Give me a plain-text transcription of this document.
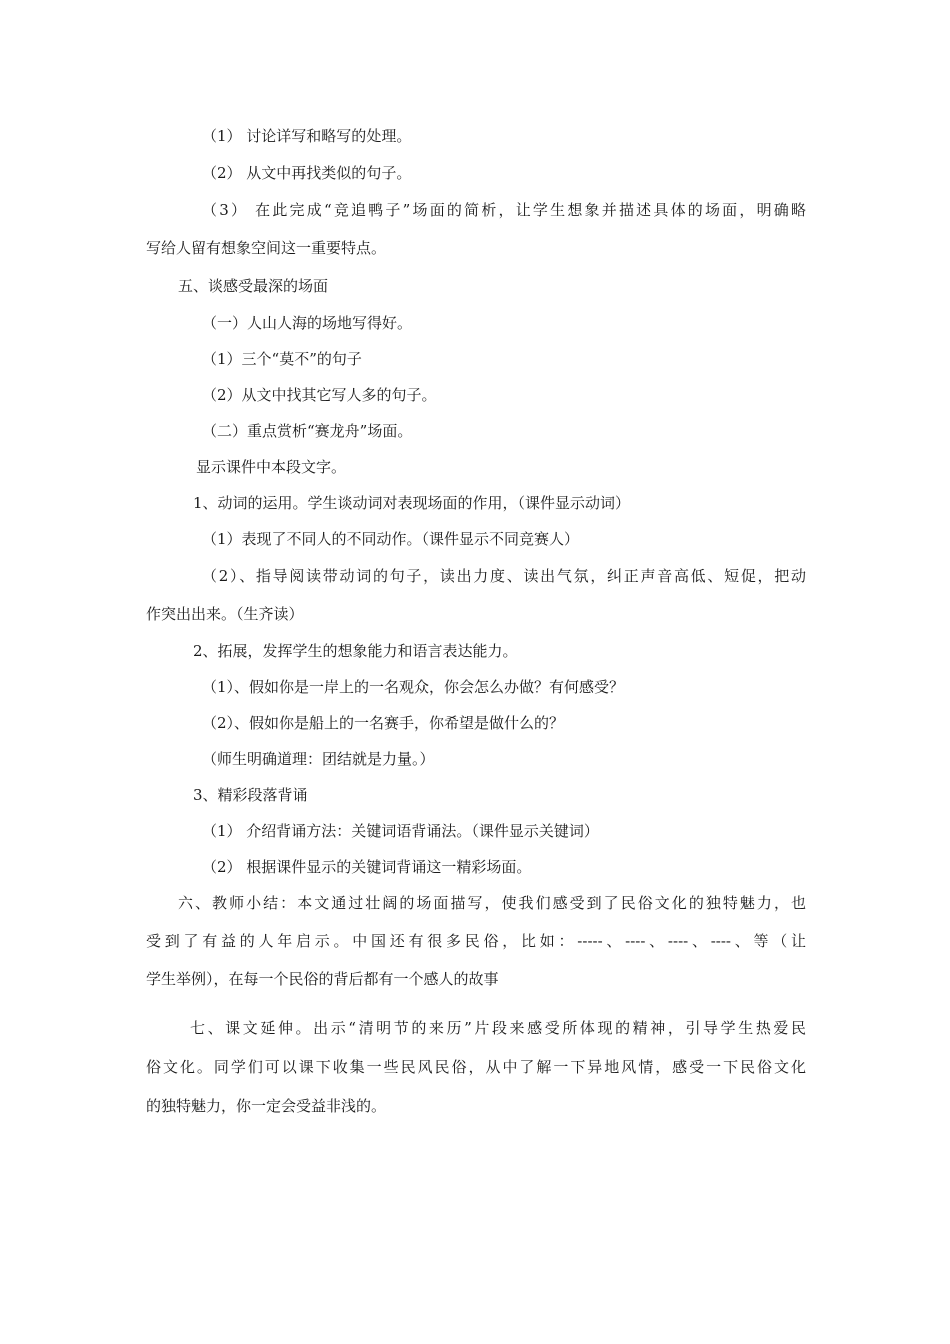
（1） 讨论详写和略写的处理。
（2） 从文中再找类似的句子。
（3） 在此完成“竞追鸭子”场面的简析，让学生想象并描述具体的场面，明确略
写给人留有想象空间这一重要特点。
五、谈感受最深的场面
（一）人山人海的场地写得好。
（1）三个“莫不”的句子
（2）从文中找其它写人多的句子。
（二）重点赏析“赛龙舟”场面。
显示课件中本段文字。
1、动词的运用。学生谈动词对表现场面的作用，（课件显示动词）
（1）表现了不同人的不同动作。（课件显示不同竞赛人）
（2）、指导阅读带动词的句子，读出力度、读出气氛，纠正声音高低、短促，把动
作突出出来。（生齐读）
2、拓展，发挥学生的想象能力和语言表达能力。
（1）、假如你是一岸上的一名观众，你会怎么办做？有何感受？
（2）、假如你是船上的一名赛手，你希望是做什么的？
（师生明确道理：团结就是力量。）
3、精彩段落背诵
（1） 介绍背诵方法：关键词语背诵法。（课件显示关键词）
（2） 根据课件显示的关键词背诵这一精彩场面。
六、教师小结：本文通过壮阔的场面描写，使我们感受到了民俗文化的独特魅力，也
受到了有益的人年启示。中国还有很多民俗，比如：-----、----、----、----、等（让
学生举例），在每一个民俗的背后都有一个感人的故事
七、课文延伸。出示“清明节的来历”片段来感受所体现的精神，引导学生热爱民
俗文化。同学们可以课下收集一些民风民俗，从中了解一下异地风情，感受一下民俗文化
的独特魅力，你一定会受益非浅的。
